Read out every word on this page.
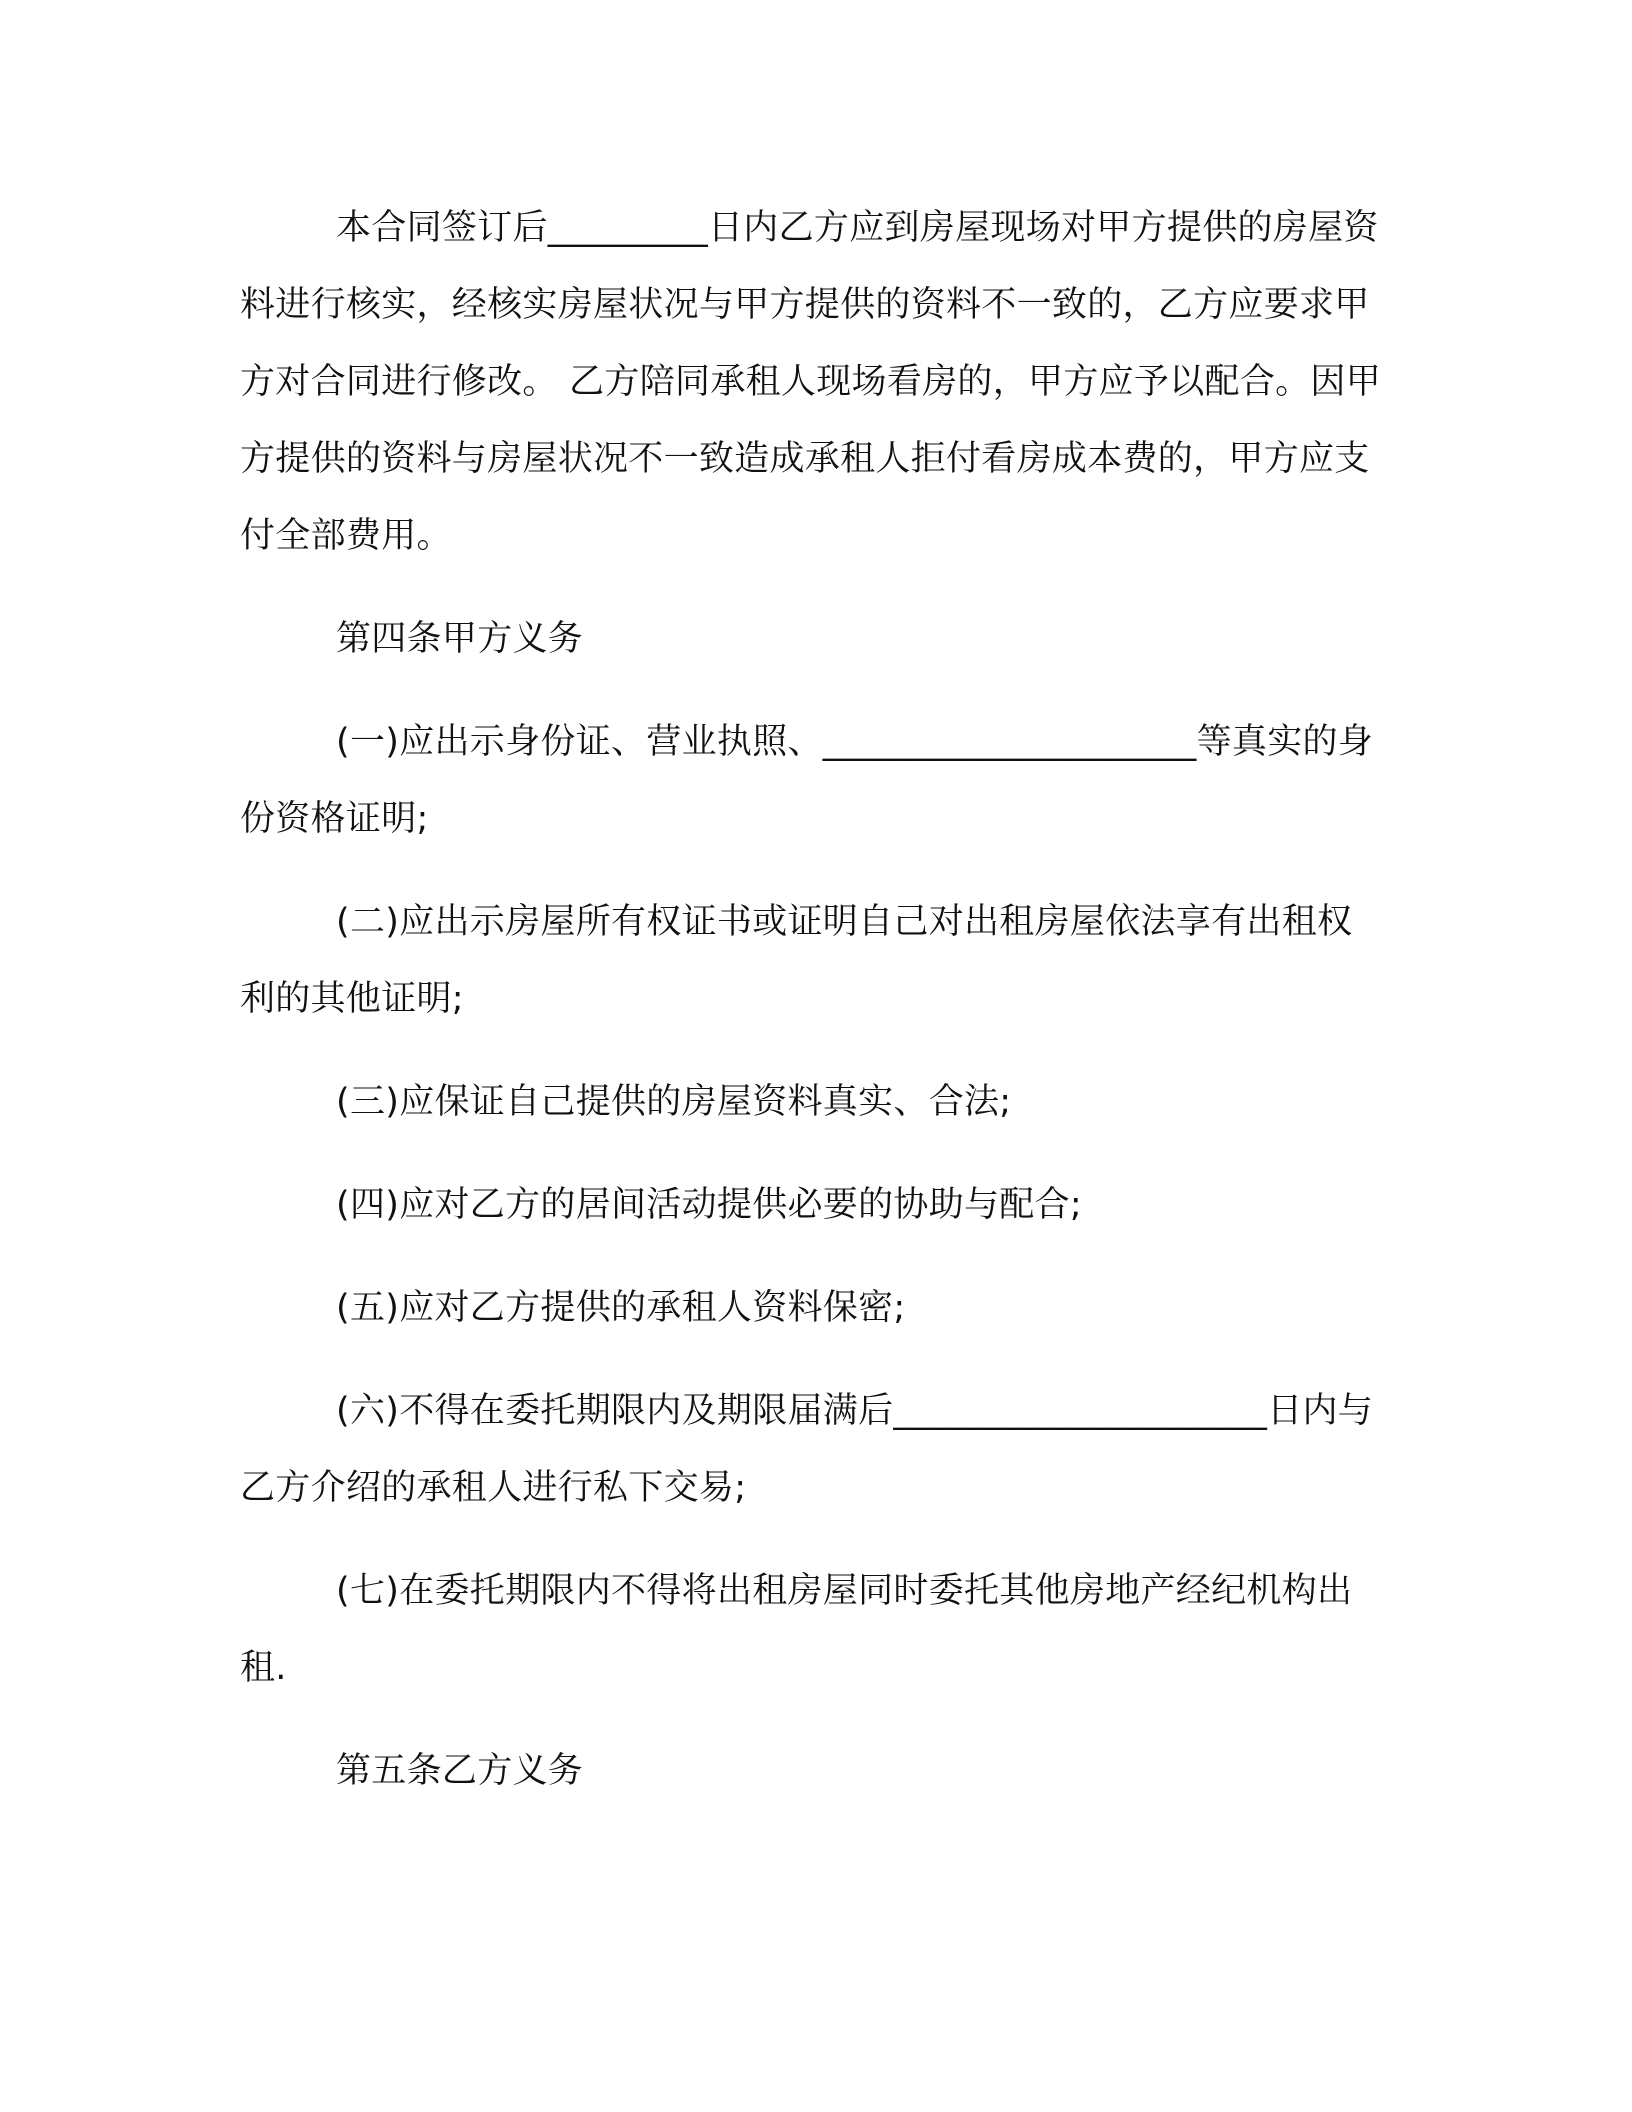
本合同签订后_________日内乙方应到房屋现场对甲方提供的房屋资料进行核实，经核实房屋状况与甲方提供的资料不一致的，乙方应要求甲方对合同进行修改。 乙方陪同承租人现场看房的，甲方应予以配合。因甲方提供的资料与房屋状况不一致造成承租人拒付看房成本费的，甲方应支付全部费用。

第四条甲方义务

(一)应出示身份证、营业执照、_____________________等真实的身份资格证明;

(二)应出示房屋所有权证书或证明自己对出租房屋依法享有出租权利的其他证明;

(三)应保证自己提供的房屋资料真实、合法;

(四)应对乙方的居间活动提供必要的协助与配合;

(五)应对乙方提供的承租人资料保密;

(六)不得在委托期限内及期限届满后_____________________日内与乙方介绍的承租人进行私下交易;

(七)在委托期限内不得将出租房屋同时委托其他房地产经纪机构出租.

第五条乙方义务
